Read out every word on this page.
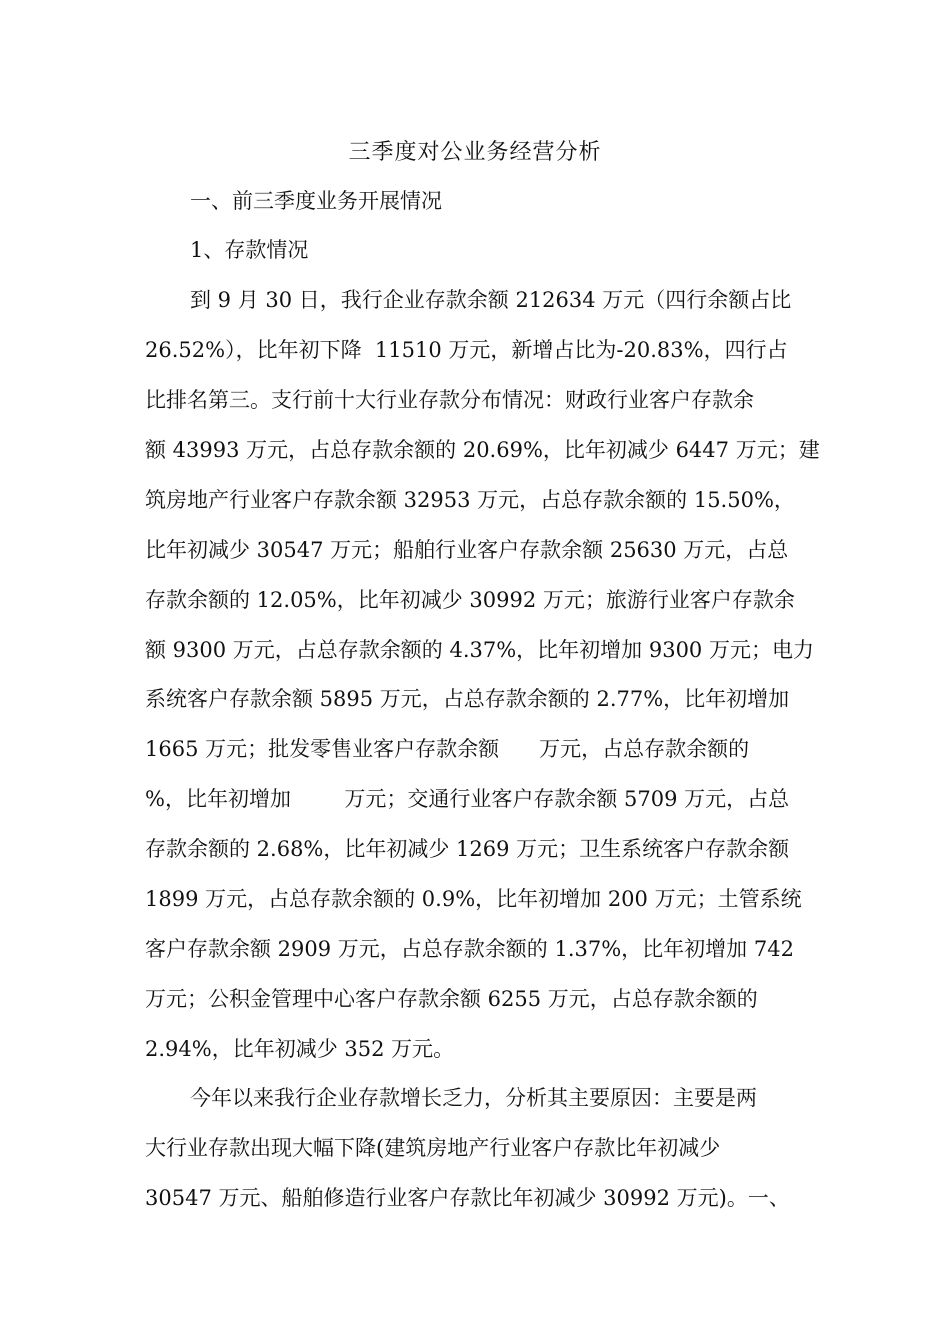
三季度对公业务经营分析
一、前三季度业务开展情况
1、存款情况
到 9 月 30 日，我行企业存款余额 212634 万元（四行余额占比
26.52%），比年初下降  11510 万元，新增占比为-20.83%，四行占
比排名第三。支行前十大行业存款分布情况：财政行业客户存款余
额 43993 万元，占总存款余额的 20.69%，比年初减少 6447 万元；建
筑房地产行业客户存款余额 32953 万元，占总存款余额的 15.50%，
比年初减少 30547 万元；船舶行业客户存款余额 25630 万元，占总
存款余额的 12.05%，比年初减少 30992 万元；旅游行业客户存款余
额 9300 万元，占总存款余额的 4.37%，比年初增加 9300 万元；电力
系统客户存款余额 5895 万元，占总存款余额的 2.77%，比年初增加
1665 万元；批发零售业客户存款余额      万元，占总存款余额的
%，比年初增加        万元；交通行业客户存款余额 5709 万元，占总
存款余额的 2.68%，比年初减少 1269 万元；卫生系统客户存款余额
1899 万元，占总存款余额的 0.9%，比年初增加 200 万元；土管系统
客户存款余额 2909 万元，占总存款余额的 1.37%，比年初增加 742
万元；公积金管理中心客户存款余额 6255 万元，占总存款余额的
2.94%，比年初减少 352 万元。
今年以来我行企业存款增长乏力，分析其主要原因：主要是两
大行业存款出现大幅下降(建筑房地产行业客户存款比年初减少
30547 万元、船舶修造行业客户存款比年初减少 30992 万元)。一、
